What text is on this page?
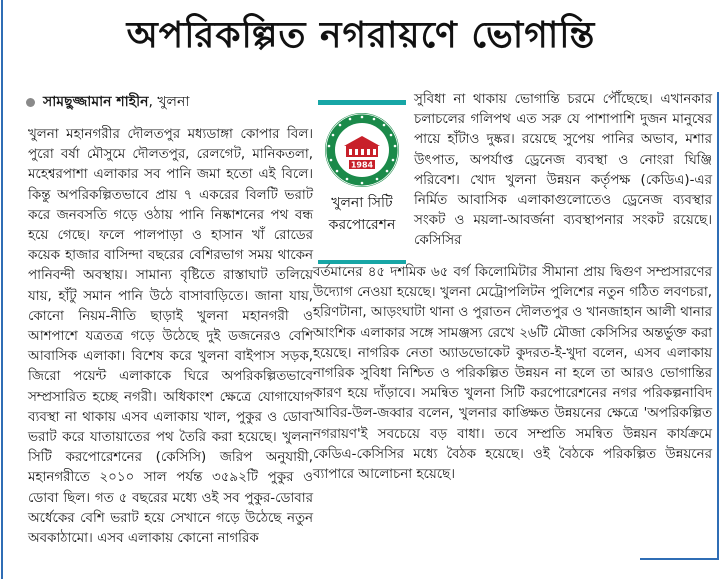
অপরিকল্পিত নগরায়ণে ভোগান্তি
সামছুজ্জামান শাহীন, খুলনা

খুলনা মহানগরীর দৌলতপুর মধ্যডাঙ্গা কোপার বিল। পুরো বর্ষা মৌসুমে দৌলতপুর, রেলগেট, মানিকতলা, মহেশ্বরপাশা এলাকার সব পানি জমা হতো এই বিলে। কিন্তু অপরিকল্পিতভাবে প্রায় ৭ একরের বিলটি ভরাট করে জনবসতি গড়ে ওঠায় পানি নিষ্কাশনের পথ বন্ধ হয়ে গেছে। ফলে পালপাড়া ও হাসান খাঁ রোডের কয়েক হাজার বাসিন্দা বছরের বেশিরভাগ সময় থাকেন পানিবন্দী অবস্থায়। সামান্য বৃষ্টিতে রাস্তাঘাট তলিয়ে যায়, হাঁটু সমান পানি উঠে বাসাবাড়িতে। জানা যায়, কোনো নিয়ম-নীতি ছাড়াই খুলনা মহানগরী ও আশপাশে যত্রতত্র গড়ে উঠেছে দুই ডজনেরও বেশি আবাসিক এলাকা। বিশেষ করে খুলনা বাইপাস সড়ক, জিরো পয়েন্ট এলাকাকে ঘিরে অপরিকল্পিতভাবে সম্প্রসারিত হচ্ছে নগরী। অধিকাংশ ক্ষেত্রে যোগাযোগ ব্যবস্থা না থাকায় এসব এলাকায় খাল, পুকুর ও ডোবা ভরাট করে যাতায়াতের পথ তৈরি করা হয়েছে। খুলনা সিটি করপোরেশনের (কেসিসি) জরিপ অনুযায়ী, মহানগরীতে ২০১০ সাল পর্যন্ত ৩৫৯২টি পুকুর ও ডোবা ছিল। গত ৫ বছরের মধ্যে ওই সব পুকুর-ডোবার অর্ধেকের বেশি ভরাট হয়ে সেখানে গড়ে উঠেছে নতুন অবকাঠামো। এসব এলাকায় কোনো নাগরিক

1984
খুলনা সিটি
করপোরেশন

সুবিধা না থাকায় ভোগান্তি চরমে পৌঁছেছে। এখানকার চলাচলের গলিপথ এত সরু যে পাশাপাশি দুজন মানুষের পায়ে হাঁটাও দুষ্কর। রয়েছে সুপেয় পানির অভাব, মশার উৎপাত, অপর্যাপ্ত ড্রেনেজ ব্যবস্থা ও নোংরা ঘিঞ্জি পরিবেশ। খোদ খুলনা উন্নয়ন কর্তৃপক্ষ (কেডিএ)-এর নির্মিত আবাসিক এলাকাগুলোতেও ড্রেনেজ ব্যবস্থার সংকট ও ময়লা-আবর্জনা ব্যবস্থাপনার সংকট রয়েছে। কেসিসির

বর্তমানের ৪৫ দশমিক ৬৫ বর্গ কিলোমিটার সীমানা প্রায় দ্বিগুণ সম্প্রসারণের উদ্যোগ নেওয়া হয়েছে। খুলনা মেট্রোপলিটন পুলিশের নতুন গঠিত লবণচরা, হরিণটানা, আড়ংঘাটা থানা ও পুরাতন দৌলতপুর ও খানজাহান আলী থানার আংশিক এলাকার সঙ্গে সামঞ্জস্য রেখে ২৬টি মৌজা কেসিসির অন্তর্ভুক্ত করা হয়েছে। নাগরিক নেতা অ্যাডভোকেট কুদরত-ই-খুদা বলেন, এসব এলাকায় নাগরিক সুবিধা নিশ্চিত ও পরিকল্পিত উন্নয়ন না হলে তা আরও ভোগান্তির কারণ হয়ে দাঁড়াবে। সমন্বিত খুলনা সিটি করপোরেশনের নগর পরিকল্পনাবিদ আবির-উল-জব্বার বলেন, খুলনার কাঙ্ক্ষিত উন্নয়নের ক্ষেত্রে 'অপরিকল্পিত নগরায়ণ'ই সবচেয়ে বড় বাধা। তবে সম্প্রতি সমন্বিত উন্নয়ন কার্যক্রমে কেডিএ-কেসিসির মধ্যে বৈঠক হয়েছে। ওই বৈঠকে পরিকল্পিত উন্নয়নের ব্যাপারে আলোচনা হয়েছে।
